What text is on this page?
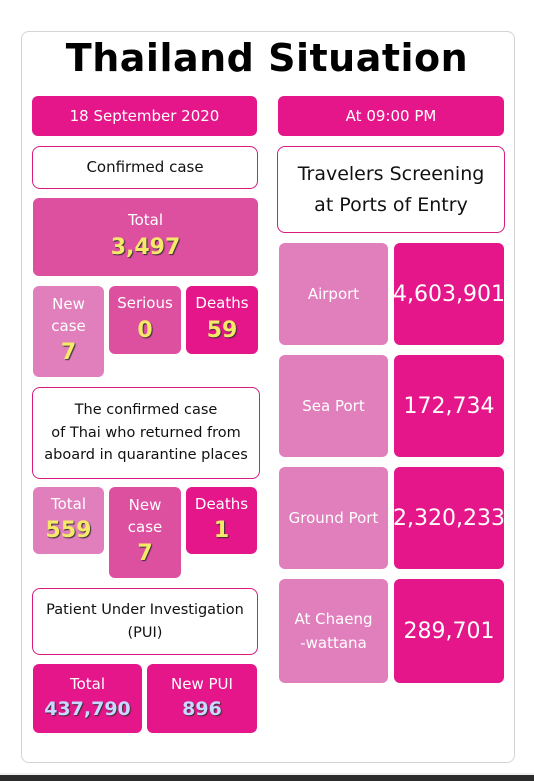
Thailand Situation
18 September 2020	At 09:00 PM
Confirmed case
Total
3,497
New
case
7
Serious
0
Deaths
59
The confirmed case
of Thai who returned from
aboard in quarantine places
Total
559
New
case
7
Deaths
1
Patient Under Investigation
(PUI)
Total
437,790
New PUI
896
Travelers Screening
at Ports of Entry
Airport 4,603,901
Sea Port	172,734
Ground Port 2,320,233
At Chaeng
-wattana	289,701
